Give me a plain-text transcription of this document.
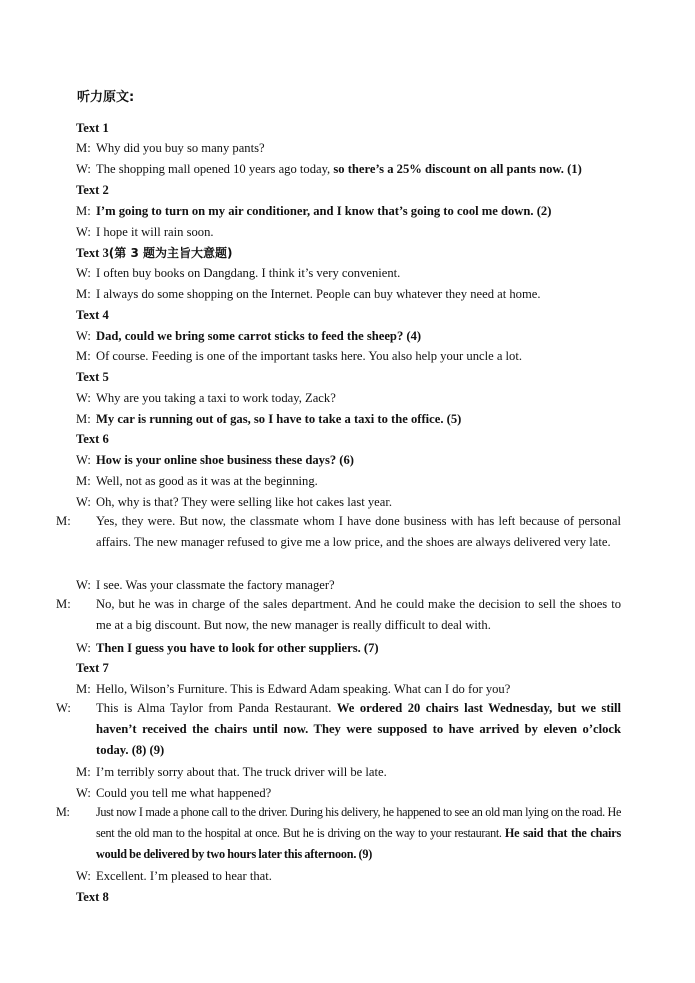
听力原文:
Text 1
M: Why did you buy so many pants?
W: The shopping mall opened 10 years ago today, so there’s a 25% discount on all pants now. (1)
Text 2
M: I’m going to turn on my air conditioner, and I know that’s going to cool me down. (2)
W: I hope it will rain soon.
Text 3(第 3 题为主旨大意题)
W: I often buy books on Dangdang. I think it’s very convenient.
M: I always do some shopping on the Internet. People can buy whatever they need at home.
Text 4
W: Dad, could we bring some carrot sticks to feed the sheep? (4)
M: Of course. Feeding is one of the important tasks here. You also help your uncle a lot.
Text 5
W: Why are you taking a taxi to work today, Zack?
M: My car is running out of gas, so I have to take a taxi to the office. (5)
Text 6
W: How is your online shoe business these days? (6)
M: Well, not as good as it was at the beginning.
W: Oh, why is that? They were selling like hot cakes last year.
M: Yes, they were. But now, the classmate whom I have done business with has left because of personal affairs. The new manager refused to give me a low price, and the shoes are always delivered very late.
W: I see. Was your classmate the factory manager?
M: No, but he was in charge of the sales department. And he could make the decision to sell the shoes to me at a big discount. But now, the new manager is really difficult to deal with.
W: Then I guess you have to look for other suppliers. (7)
Text 7
M: Hello, Wilson’s Furniture. This is Edward Adam speaking. What can I do for you?
W: This is Alma Taylor from Panda Restaurant. We ordered 20 chairs last Wednesday, but we still haven’t received the chairs until now. They were supposed to have arrived by eleven o’clock today. (8) (9)
M: I’m terribly sorry about that. The truck driver will be late.
W: Could you tell me what happened?
M: Just now I made a phone call to the driver. During his delivery, he happened to see an old man lying on the road. He sent the old man to the hospital at once. But he is driving on the way to your restaurant. He said that the chairs would be delivered by two hours later this afternoon. (9)
W: Excellent. I’m pleased to hear that.
Text 8
